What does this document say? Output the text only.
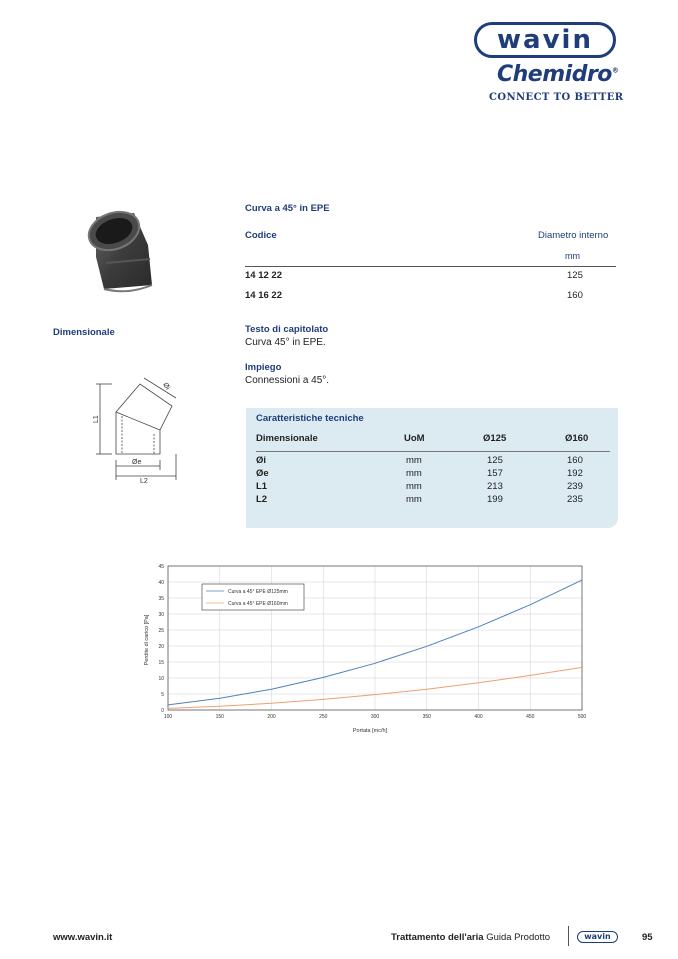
wavin
Chemidro®
CONNECT TO BETTER
Curva a 45° in EPE
Codice	Diametro interno
mm
14 12 22	125
14 16 22	160
Dimensionale
L1
Øi
Øe
L2
Testo di capitolato
Curva 45° in EPE.
Impiego
Connessioni a 45°.
Caratteristiche tecniche
Dimensionale	UoM	Ø125	Ø160
Øi	mm	125	160
Øe	mm	157	192
L1	mm	213	239
L2	mm	199	235
0
5
10
15
20
25
30
35
40
45
100	150	200	250	300	350	400	450	500
Curva a 45° EPE Ø125mm
Curva a 45° EPE Ø160mm
Portata [mc/h]
Perdite di carico [Pa]
www.wavin.it	Trattamento dell'aria Guida Prodotto	wavin	95
